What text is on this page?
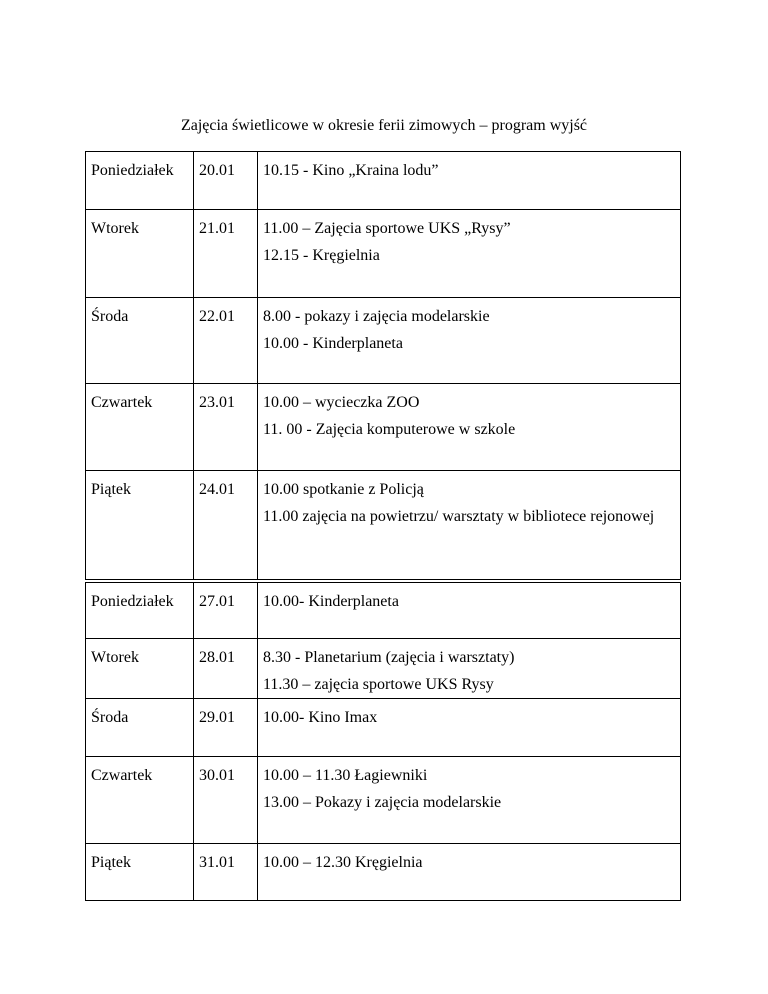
Zajęcia świetlicowe w okresie ferii zimowych – program wyjść
Poniedziałek	20.01	10.15 - Kino „Kraina lodu”

Wtorek	21.01	11.00 – Zajęcia sportowe UKS „Rysy”
12.15 - Kręgielnia

Środa	22.01	8.00 - pokazy i zajęcia modelarskie
10.00 - Kinderplaneta

Czwartek	23.01	10.00 – wycieczka ZOO
11. 00 - Zajęcia komputerowe w szkole

Piątek	24.01	10.00 spotkanie z Policją
11.00 zajęcia na powietrzu/ warsztaty w bibliotece rejonowej

Poniedziałek	27.01	10.00- Kinderplaneta

Wtorek	28.01	8.30 - Planetarium (zajęcia i warsztaty)
11.30 – zajęcia sportowe UKS Rysy

Środa	29.01	10.00- Kino Imax

Czwartek	30.01	10.00 – 11.30 Łagiewniki
13.00 – Pokazy i zajęcia modelarskie

Piątek	31.01	10.00 – 12.30 Kręgielnia
